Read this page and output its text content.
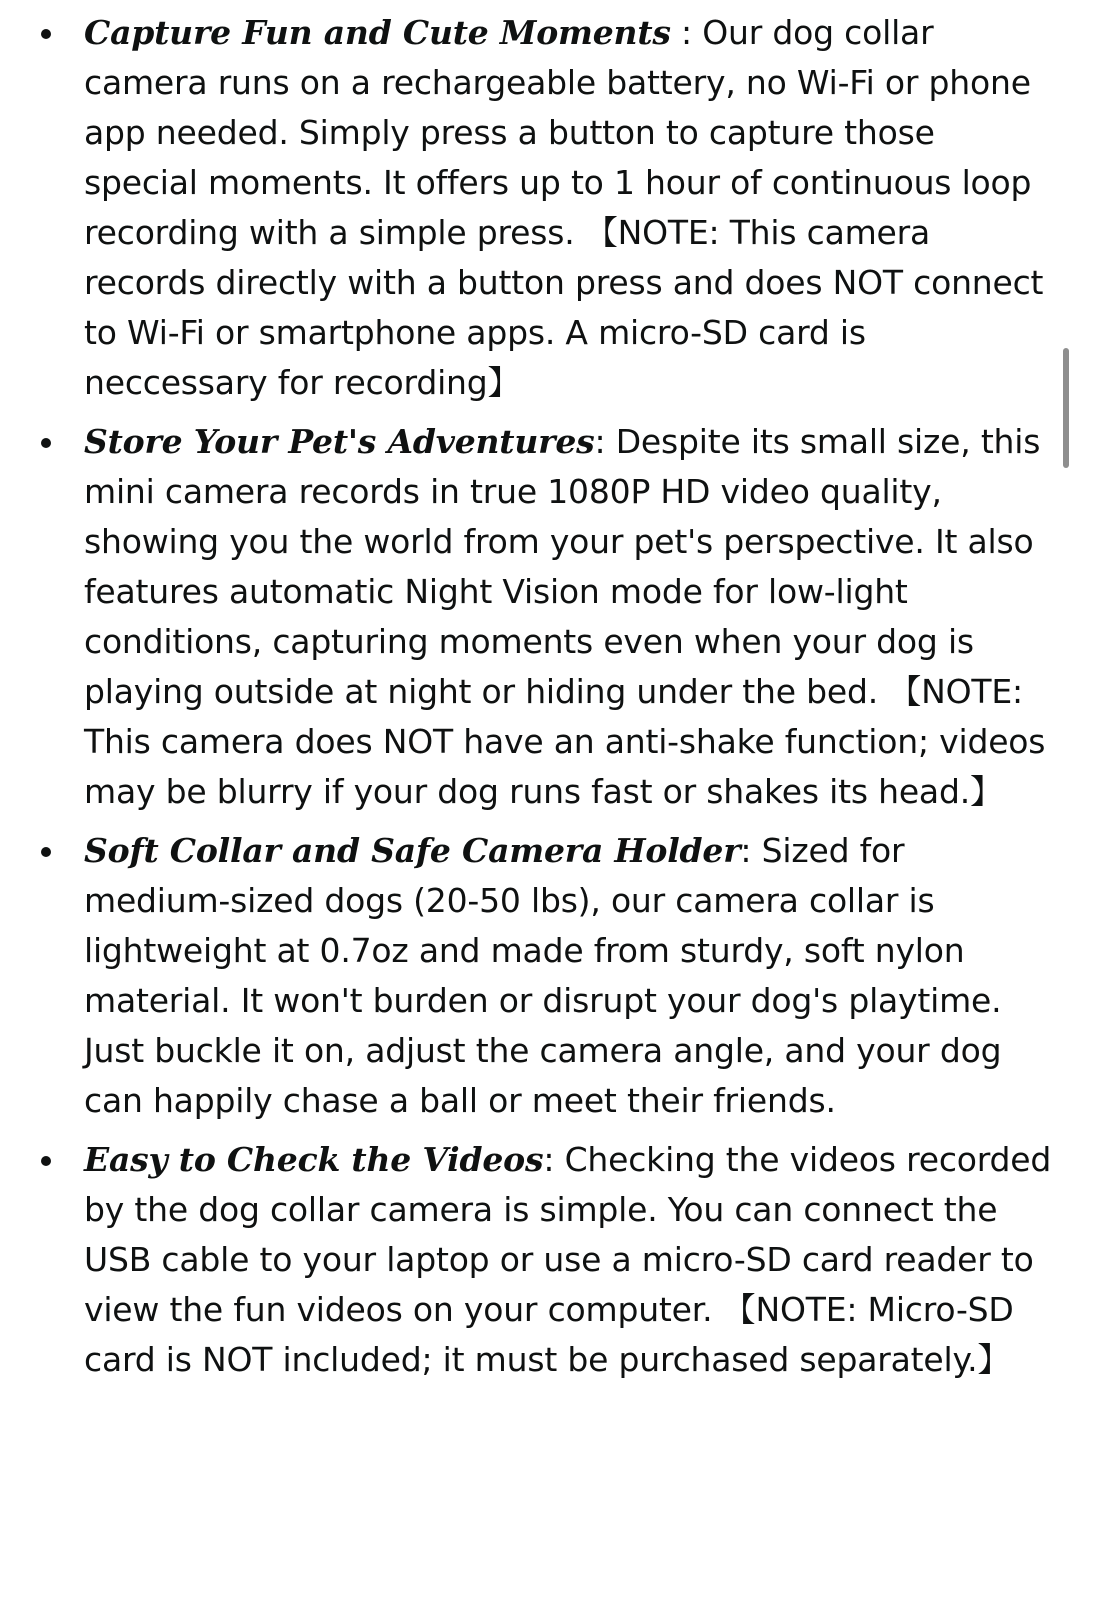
Capture Fun and Cute Moments : Our dog collar camera runs on a rechargeable battery, no Wi-Fi or phone app needed. Simply press a button to capture those special moments. It offers up to 1 hour of continuous loop recording with a simple press. 【NOTE: This camera records directly with a button press and does NOT connect to Wi-Fi or smartphone apps. A micro-SD card is neccessary for recording】
Store Your Pet's Adventures: Despite its small size, this mini camera records in true 1080P HD video quality, showing you the world from your pet's perspective. It also features automatic Night Vision mode for low-light conditions, capturing moments even when your dog is playing outside at night or hiding under the bed. 【NOTE: This camera does NOT have an anti-shake function; videos may be blurry if your dog runs fast or shakes its head.】
Soft Collar and Safe Camera Holder: Sized for medium-sized dogs (20-50 lbs), our camera collar is lightweight at 0.7oz and made from sturdy, soft nylon material. It won't burden or disrupt your dog's playtime. Just buckle it on, adjust the camera angle, and your dog can happily chase a ball or meet their friends.
Easy to Check the Videos: Checking the videos recorded by the dog collar camera is simple. You can connect the USB cable to your laptop or use a micro-SD card reader to view the fun videos on your computer. 【NOTE: Micro-SD card is NOT included; it must be purchased separately.】
